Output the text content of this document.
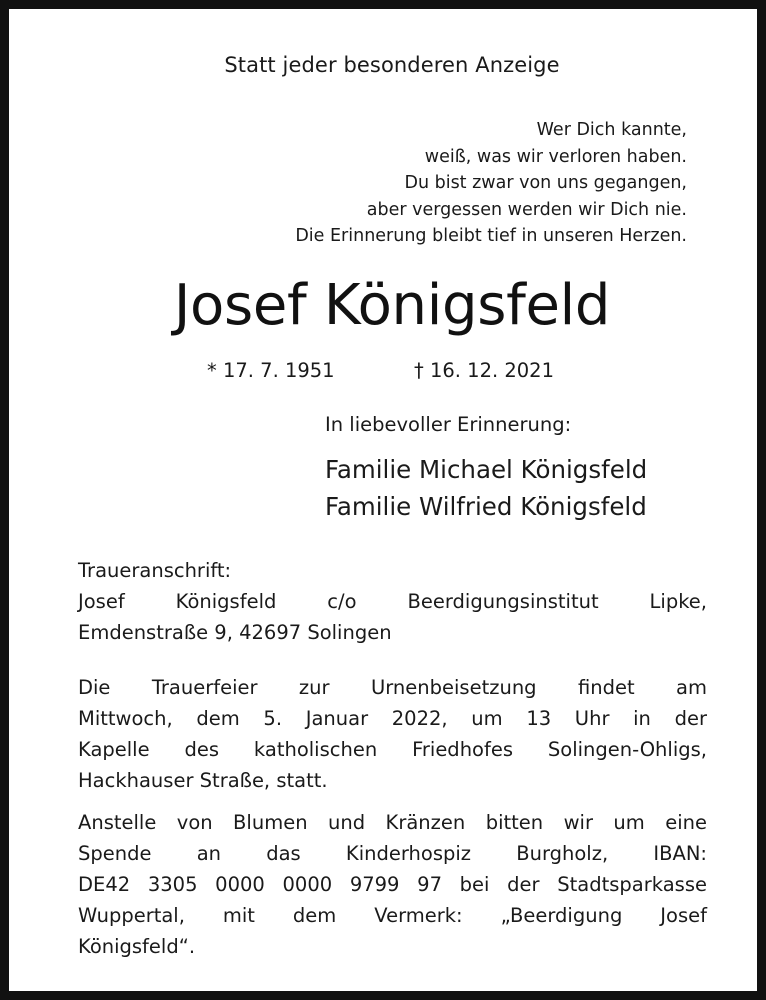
Statt jeder besonderen Anzeige
Wer Dich kannte,
weiß, was wir verloren haben.
Du bist zwar von uns gegangen,
aber vergessen werden wir Dich nie.
Die Erinnerung bleibt tief in unseren Herzen.
Josef Königsfeld
* 17. 7. 1951	† 16. 12. 2021
In liebevoller Erinnerung:
Familie Michael Königsfeld
Familie Wilfried Königsfeld
Traueranschrift:
Josef Königsfeld c/o Beerdigungsinstitut Lipke,
Emdenstraße 9, 42697 Solingen
Die Trauerfeier zur Urnenbeisetzung findet am
Mittwoch, dem 5. Januar 2022, um 13 Uhr in der
Kapelle des katholischen Friedhofes Solingen-Ohligs,
Hackhauser Straße, statt.
Anstelle von Blumen und Kränzen bitten wir um eine
Spende an das Kinderhospiz Burgholz, IBAN:
DE42 3305 0000 0000 9799 97 bei der Stadtsparkasse
Wuppertal, mit dem Vermerk: „Beerdigung Josef
Königsfeld“.
